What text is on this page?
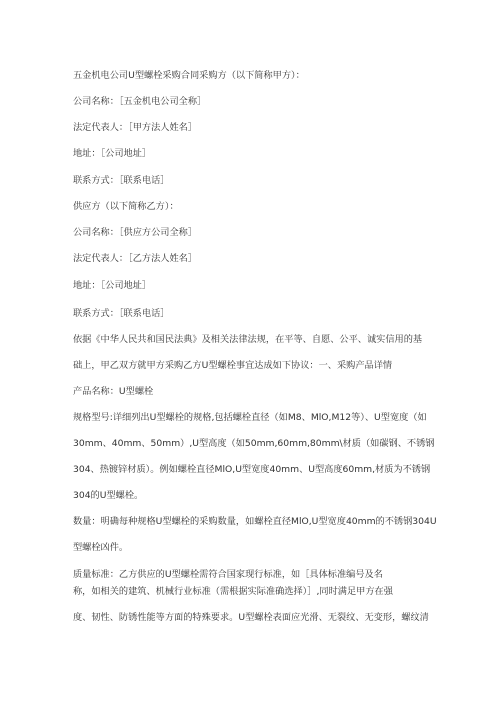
五金机电公司U型螺栓采购合同采购方（以下简称甲方）：
公司名称：［五金机电公司全称］
法定代表人：［甲方法人姓名］
地址：［公司地址］
联系方式：［联系电话］
供应方（以下简称乙方）：
公司名称：［供应方公司全称］
法定代表人：［乙方法人姓名］
地址：［公司地址］
联系方式：［联系电话］
依据《中华人民共和国民法典》及相关法律法规，在平等、自愿、公平、诚实信用的基
础上，甲乙双方就甲方采购乙方U型螺栓事宜达成如下协议：一、采购产品详情
产品名称：U型螺栓
规格型号:详细列出U型螺栓的规格,包括螺栓直径（如M8、MlO,M12等）、U型宽度（如
30mm、40mm、50mm）,U型高度（如50mm,60mm,80mm\材质（如碳钢、不锈钢
304、热镀锌材质）。例如螺栓直径MlO,U型宽度40mm、U型高度60mm,材质为不锈钢
304的U型螺栓。
数量：明确每种规格U型螺栓的采购数量，如螺栓直径MlO,U型宽度40mm的不锈钢304U
型螺栓凶件。
质量标准：乙方供应的U型螺栓需符合国家现行标准，如［具体标准编号及名
称，如相关的建筑、机械行业标准（需根据实际准确选择）］,同时满足甲方在强
度、韧性、防锈性能等方面的特殊要求。U型螺栓表面应光滑、无裂纹、无变形，螺纹清
